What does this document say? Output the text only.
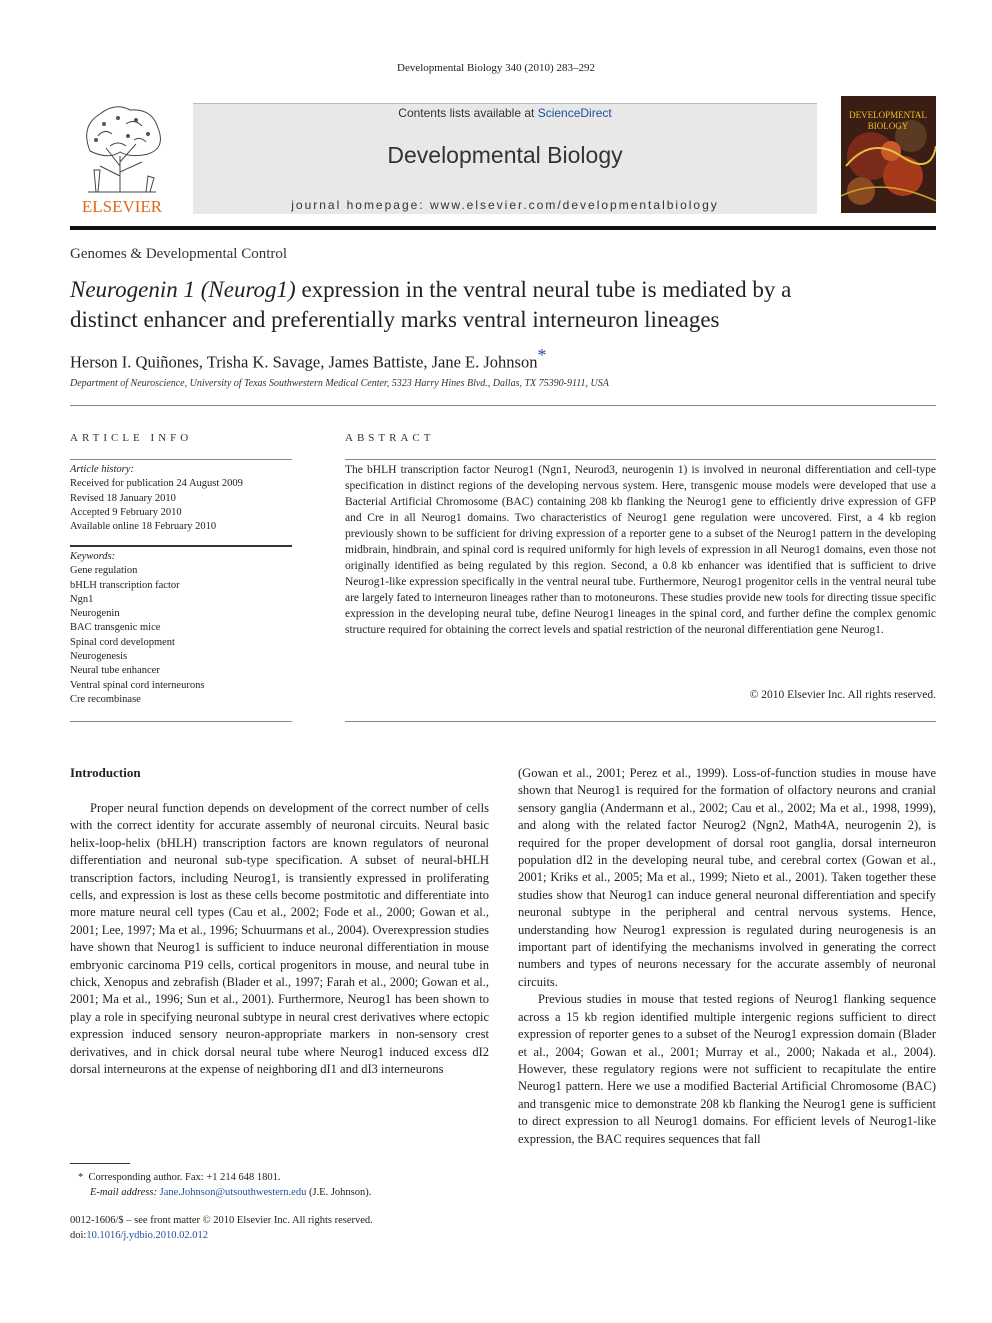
Developmental Biology 340 (2010) 283–292
ELSEVIER
Contents lists available at ScienceDirect
Developmental Biology
journal homepage: www.elsevier.com/developmentalbiology
DEVELOPMENTAL
BIOLOGY
Genomes & Developmental Control
Neurogenin 1 (Neurog1) expression in the ventral neural tube is mediated by a
distinct enhancer and preferentially marks ventral interneuron lineages
Herson I. Quiñones, Trisha K. Savage, James Battiste, Jane E. Johnson*
Department of Neuroscience, University of Texas Southwestern Medical Center, 5323 Harry Hines Blvd., Dallas, TX 75390-9111, USA
ARTICLE INFO
Article history:
Received for publication 24 August 2009
Revised 18 January 2010
Accepted 9 February 2010
Available online 18 February 2010
Keywords:
Gene regulation
bHLH transcription factor
Ngn1
Neurogenin
BAC transgenic mice
Spinal cord development
Neurogenesis
Neural tube enhancer
Ventral spinal cord interneurons
Cre recombinase
ABSTRACT
The bHLH transcription factor Neurog1 (Ngn1, Neurod3, neurogenin 1) is involved in neuronal differentiation and cell-type specification in distinct regions of the developing nervous system. Here, transgenic mouse models were developed that use a Bacterial Artificial Chromosome (BAC) containing 208 kb flanking the Neurog1 gene to efficiently drive expression of GFP and Cre in all Neurog1 domains. Two characteristics of Neurog1 gene regulation were uncovered. First, a 4 kb region previously shown to be sufficient for driving expression of a reporter gene to a subset of the Neurog1 pattern in the developing midbrain, hindbrain, and spinal cord is required uniformly for high levels of expression in all Neurog1 domains, even those not originally identified as being regulated by this region. Second, a 0.8 kb enhancer was identified that is sufficient to drive Neurog1-like expression specifically in the ventral neural tube. Furthermore, Neurog1 progenitor cells in the ventral neural tube are largely fated to interneuron lineages rather than to motoneurons. These studies provide new tools for directing tissue specific expression in the developing neural tube, define Neurog1 lineages in the spinal cord, and further define the complex genomic structure required for obtaining the correct levels and spatial restriction of the neuronal differentiation gene Neurog1.
© 2010 Elsevier Inc. All rights reserved.
Introduction

Proper neural function depends on development of the correct number of cells with the correct identity for accurate assembly of neuronal circuits. Neural basic helix-loop-helix (bHLH) transcription factors are known regulators of neuronal differentiation and neuronal sub-type specification. A subset of neural-bHLH transcription factors, including Neurog1, is transiently expressed in proliferating cells, and expression is lost as these cells become postmitotic and differentiate into more mature neural cell types (Cau et al., 2002; Fode et al., 2000; Gowan et al., 2001; Lee, 1997; Ma et al., 1996; Schuurmans et al., 2004). Overexpression studies have shown that Neurog1 is sufficient to induce neuronal differentiation in mouse embryonic carcinoma P19 cells, cortical progenitors in mouse, and neural tube in chick, Xenopus and zebrafish (Blader et al., 1997; Farah et al., 2000; Gowan et al., 2001; Ma et al., 1996; Sun et al., 2001). Furthermore, Neurog1 has been shown to play a role in specifying neuronal subtype in neural crest derivatives where ectopic expression induced sensory neuron-appropriate markers in non-sensory crest derivatives, and in chick dorsal neural tube where Neurog1 induced excess dI2 dorsal interneurons at the expense of neighboring dI1 and dI3 interneurons

(Gowan et al., 2001; Perez et al., 1999). Loss-of-function studies in mouse have shown that Neurog1 is required for the formation of olfactory neurons and cranial sensory ganglia (Andermann et al., 2002; Cau et al., 2002; Ma et al., 1998, 1999), and along with the related factor Neurog2 (Ngn2, Math4A, neurogenin 2), is required for the proper development of dorsal root ganglia, dorsal interneuron population dI2 in the developing neural tube, and cerebral cortex (Gowan et al., 2001; Kriks et al., 2005; Ma et al., 1999; Nieto et al., 2001). Taken together these studies show that Neurog1 can induce general neuronal differentiation and specify neuronal subtype in the peripheral and central nervous systems. Hence, understanding how Neurog1 expression is regulated during neurogenesis is an important part of identifying the mechanisms involved in generating the correct numbers and types of neurons necessary for the accurate assembly of neuronal circuits.

Previous studies in mouse that tested regions of Neurog1 flanking sequence across a 15 kb region identified multiple intergenic regions sufficient to direct expression of reporter genes to a subset of the Neurog1 expression domain (Blader et al., 2004; Gowan et al., 2001; Murray et al., 2000; Nakada et al., 2004). However, these regulatory regions were not sufficient to recapitulate the entire Neurog1 pattern. Here we use a modified Bacterial Artificial Chromosome (BAC) and transgenic mice to demonstrate 208 kb flanking the Neurog1 gene is sufficient to direct expression to all Neurog1 domains. For efficient levels of Neurog1-like expression, the BAC requires sequences that fall

* Corresponding author. Fax: +1 214 648 1801.
E-mail address: Jane.Johnson@utsouthwestern.edu (J.E. Johnson).
0012-1606/$ – see front matter © 2010 Elsevier Inc. All rights reserved.
doi:10.1016/j.ydbio.2010.02.012
